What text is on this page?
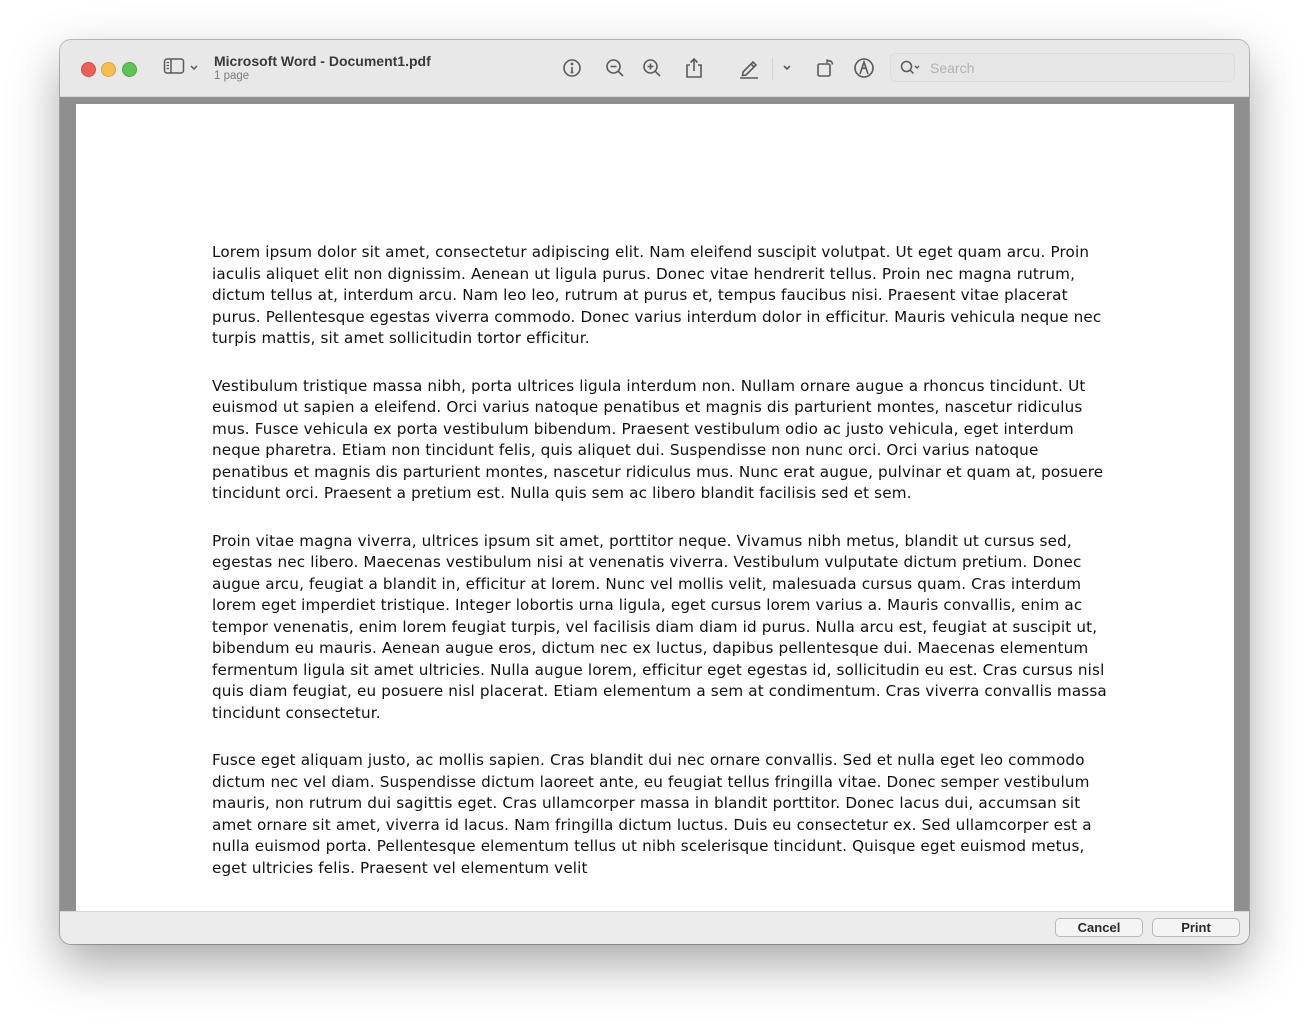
Microsoft Word - Document1.pdf
1 page
Search

Lorem ipsum dolor sit amet, consectetur adipiscing elit. Nam eleifend suscipit volutpat. Ut eget quam arcu. Proin iaculis aliquet elit non dignissim. Aenean ut ligula purus. Donec vitae hendrerit tellus. Proin nec magna rutrum, dictum tellus at, interdum arcu. Nam leo leo, rutrum at purus et, tempus faucibus nisi. Praesent vitae placerat purus. Pellentesque egestas viverra commodo. Donec varius interdum dolor in efficitur. Mauris vehicula neque nec turpis mattis, sit amet sollicitudin tortor efficitur.

Vestibulum tristique massa nibh, porta ultrices ligula interdum non. Nullam ornare augue a rhoncus tincidunt. Ut euismod ut sapien a eleifend. Orci varius natoque penatibus et magnis dis parturient montes, nascetur ridiculus mus. Fusce vehicula ex porta vestibulum bibendum. Praesent vestibulum odio ac justo vehicula, eget interdum neque pharetra. Etiam non tincidunt felis, quis aliquet dui. Suspendisse non nunc orci. Orci varius natoque penatibus et magnis dis parturient montes, nascetur ridiculus mus. Nunc erat augue, pulvinar et quam at, posuere tincidunt orci. Praesent a pretium est. Nulla quis sem ac libero blandit facilisis sed et sem.

Proin vitae magna viverra, ultrices ipsum sit amet, porttitor neque. Vivamus nibh metus, blandit ut cursus sed, egestas nec libero. Maecenas vestibulum nisi at venenatis viverra. Vestibulum vulputate dictum pretium. Donec augue arcu, feugiat a blandit in, efficitur at lorem. Nunc vel mollis velit, malesuada cursus quam. Cras interdum lorem eget imperdiet tristique. Integer lobortis urna ligula, eget cursus lorem varius a. Mauris convallis, enim ac tempor venenatis, enim lorem feugiat turpis, vel facilisis diam diam id purus. Nulla arcu est, feugiat at suscipit ut, bibendum eu mauris. Aenean augue eros, dictum nec ex luctus, dapibus pellentesque dui. Maecenas elementum fermentum ligula sit amet ultricies. Nulla augue lorem, efficitur eget egestas id, sollicitudin eu est. Cras cursus nisl quis diam feugiat, eu posuere nisl placerat. Etiam elementum a sem at condimentum. Cras viverra convallis massa tincidunt consectetur.

Fusce eget aliquam justo, ac mollis sapien. Cras blandit dui nec ornare convallis. Sed et nulla eget leo commodo dictum nec vel diam. Suspendisse dictum laoreet ante, eu feugiat tellus fringilla vitae. Donec semper vestibulum mauris, non rutrum dui sagittis eget. Cras ullamcorper massa in blandit porttitor. Donec lacus dui, accumsan sit amet ornare sit amet, viverra id lacus. Nam fringilla dictum luctus. Duis eu consectetur ex. Sed ullamcorper est a nulla euismod porta. Pellentesque elementum tellus ut nibh scelerisque tincidunt. Quisque eget euismod metus, eget ultricies felis. Praesent vel elementum velit

Cancel	Print
